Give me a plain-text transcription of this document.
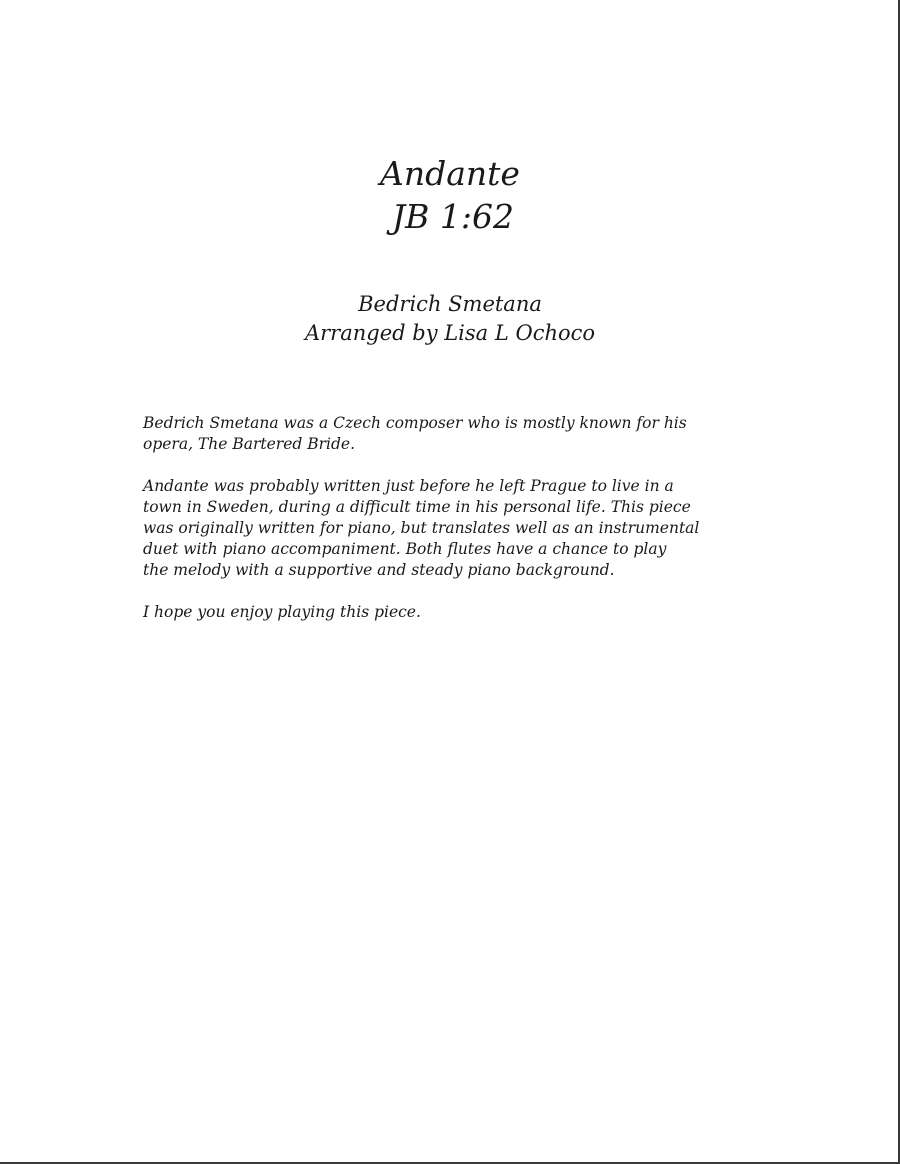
Andante
JB 1:62
Bedrich Smetana
Arranged by Lisa L Ochoco

Bedrich Smetana was a Czech composer who is mostly known for his
opera, The Bartered Bride.

Andante was probably written just before he left Prague to live in a
town in Sweden, during a difficult time in his personal life. This piece
was originally written for piano, but translates well as an instrumental
duet with piano accompaniment. Both flutes have a chance to play
the melody with a supportive and steady piano background.

I hope you enjoy playing this piece.
